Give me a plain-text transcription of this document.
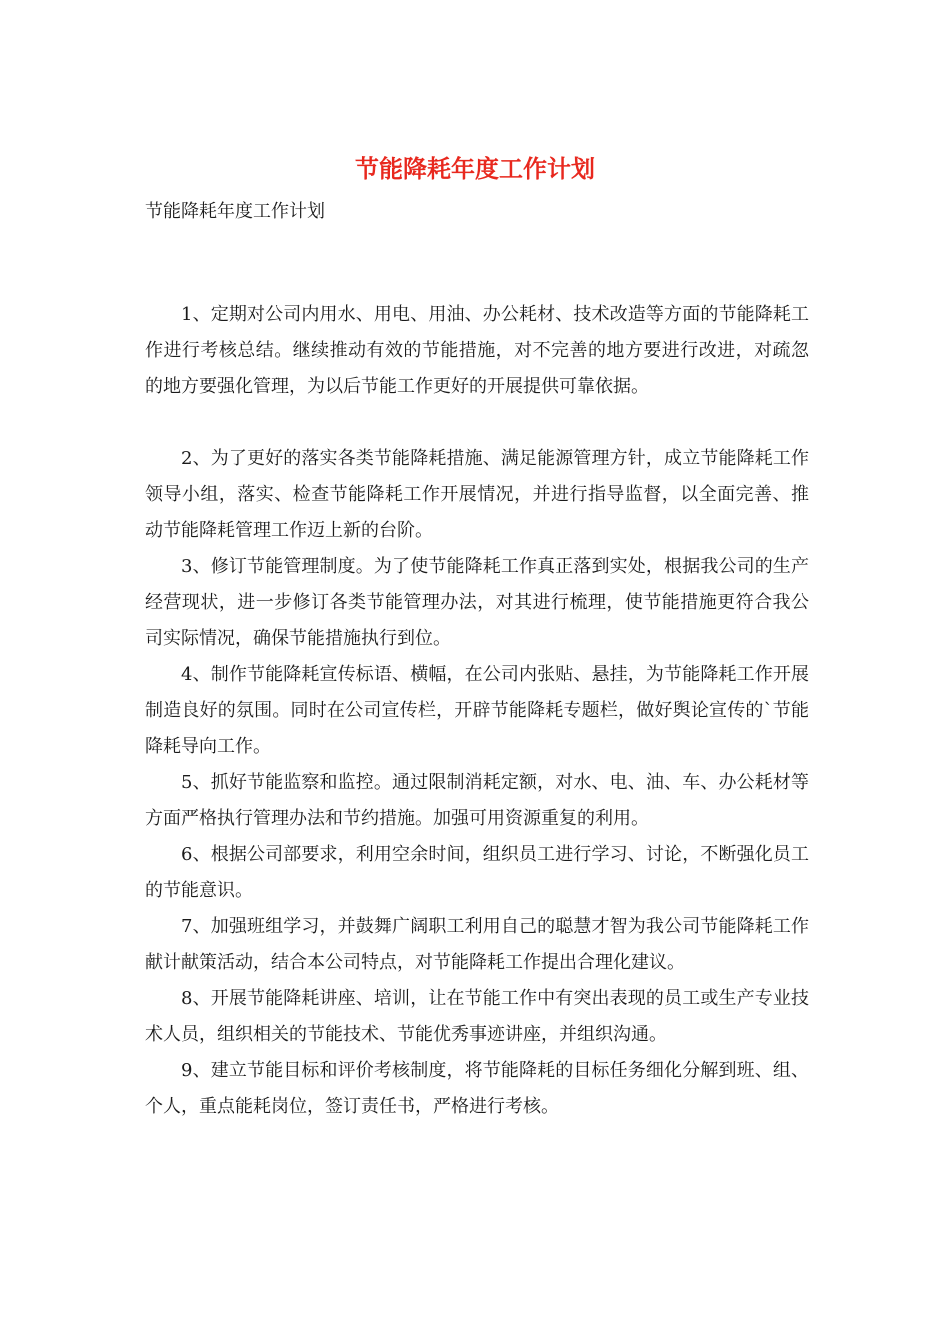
节能降耗年度工作计划
节能降耗年度工作计划

1、定期对公司内用水、用电、用油、办公耗材、技术改造等方面的节能降耗工作进行考核总结。继续推动有效的节能措施，对不完善的地方要进行改进，对疏忽的地方要强化管理，为以后节能工作更好的开展提供可靠依据。

2、为了更好的落实各类节能降耗措施、满足能源管理方针，成立节能降耗工作领导小组，落实、检查节能降耗工作开展情况，并进行指导监督，以全面完善、推动节能降耗管理工作迈上新的台阶。

3、修订节能管理制度。为了使节能降耗工作真正落到实处，根据我公司的生产经营现状，进一步修订各类节能管理办法，对其进行梳理，使节能措施更符合我公司实际情况，确保节能措施执行到位。

4、制作节能降耗宣传标语、横幅，在公司内张贴、悬挂，为节能降耗工作开展制造良好的氛围。同时在公司宣传栏，开辟节能降耗专题栏，做好舆论宣传的`节能降耗导向工作。

5、抓好节能监察和监控。通过限制消耗定额，对水、电、油、车、办公耗材等方面严格执行管理办法和节约措施。加强可用资源重复的利用。

6、根据公司部要求，利用空余时间，组织员工进行学习、讨论，不断强化员工的节能意识。

7、加强班组学习，并鼓舞广阔职工利用自己的聪慧才智为我公司节能降耗工作献计献策活动，结合本公司特点，对节能降耗工作提出合理化建议。

8、开展节能降耗讲座、培训，让在节能工作中有突出表现的员工或生产专业技术人员，组织相关的节能技术、节能优秀事迹讲座，并组织沟通。

9、建立节能目标和评价考核制度，将节能降耗的目标任务细化分解到班、组、个人，重点能耗岗位，签订责任书，严格进行考核。
